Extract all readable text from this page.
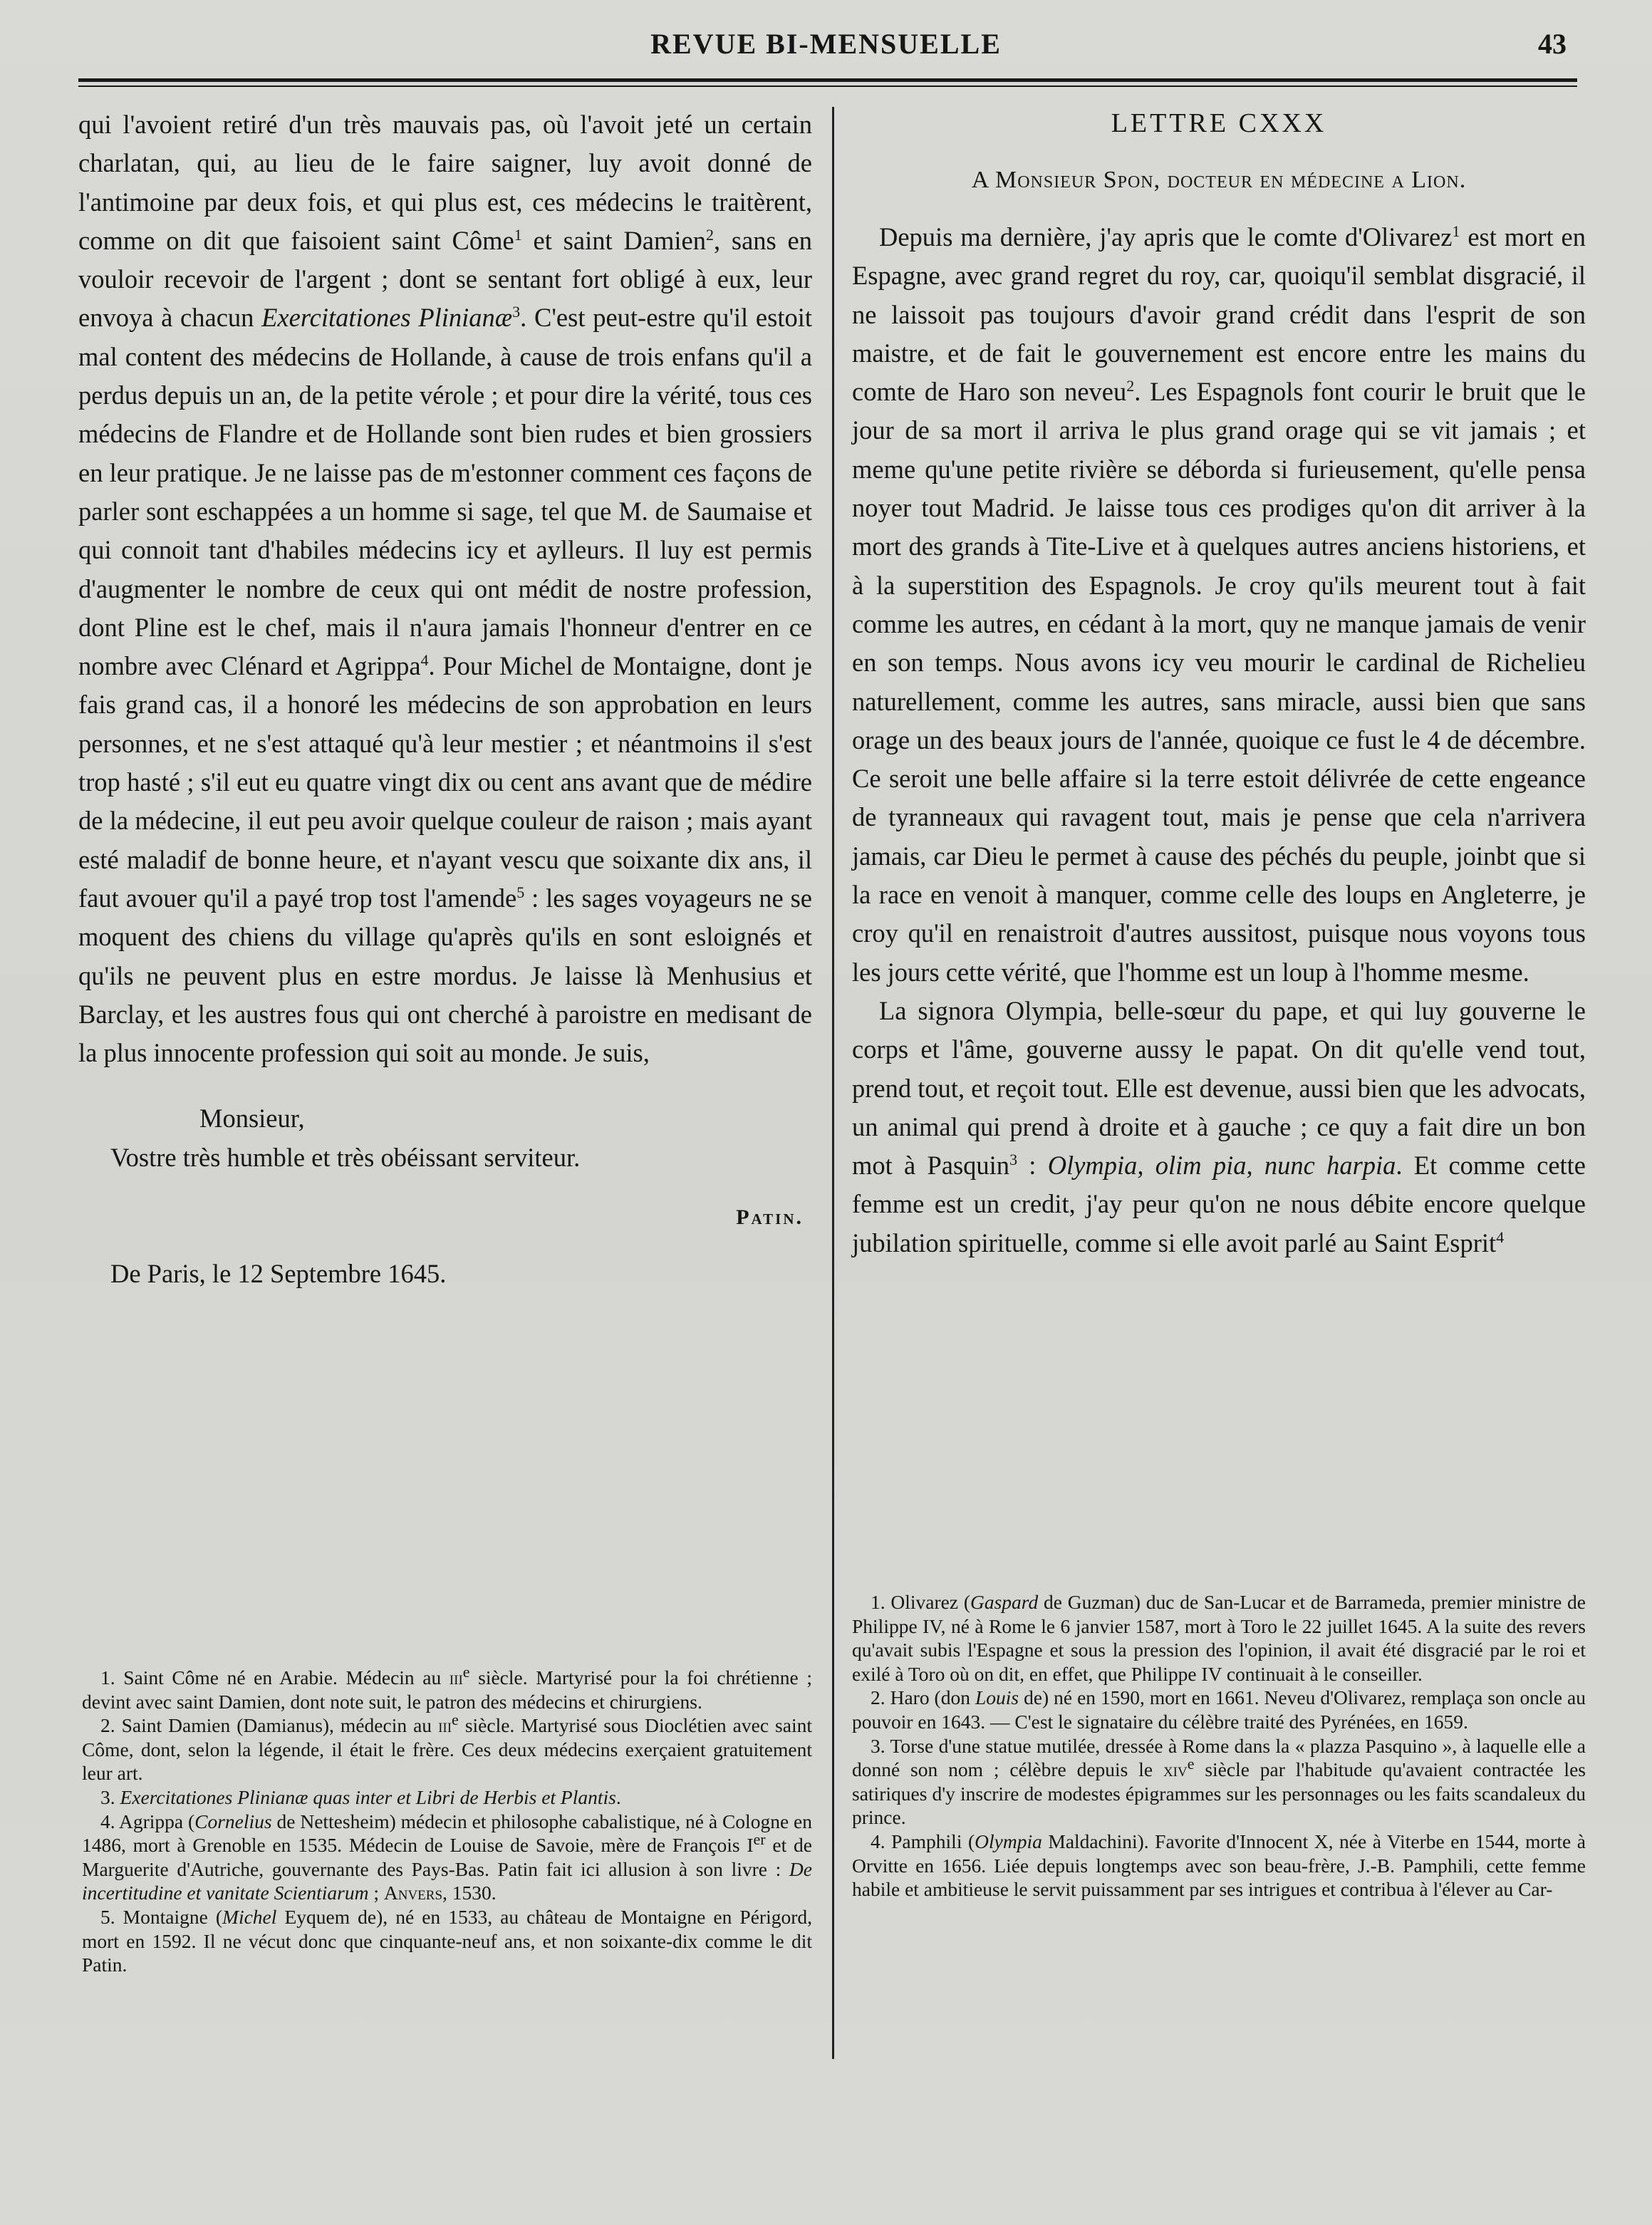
REVUE BI-MENSUELLE	43

qui l'avoient retiré d'un très mauvais pas, où l'avoit jeté un certain charlatan, qui, au lieu de le faire saigner, luy avoit donné de l'antimoine par deux fois, et qui plus est, ces médecins le traitèrent, comme on dit que faisoient saint Côme$^1$ et saint Damien$^2$, sans en vouloir recevoir de l'argent ; dont se sentant fort obligé à eux, leur envoya à chacun Exercitationes Plinianæ$^3$. C'est peut-estre qu'il estoit mal content des médecins de Hollande, à cause de trois enfans qu'il a perdus depuis un an, de la petite vérole ; et pour dire la vérité, tous ces médecins de Flandre et de Hollande sont bien rudes et bien grossiers en leur pratique. Je ne laisse pas de m'estonner comment ces façons de parler sont eschappées a un homme si sage, tel que M. de Saumaise et qui connoit tant d'habiles médecins icy et aylleurs. Il luy est permis d'augmenter le nombre de ceux qui ont médit de nostre profession, dont Pline est le chef, mais il n'aura jamais l'honneur d'entrer en ce nombre avec Clénard et Agrippa$^4$. Pour Michel de Montaigne, dont je fais grand cas, il a honoré les médecins de son approbation en leurs personnes, et ne s'est attaqué qu'à leur mestier ; et néantmoins il s'est trop hasté ; s'il eut eu quatre vingt dix ou cent ans avant que de médire de la médecine, il eut peu avoir quelque couleur de raison ; mais ayant esté maladif de bonne heure, et n'ayant vescu que soixante dix ans, il faut avouer qu'il a payé trop tost l'amende$^5$ : les sages voyageurs ne se moquent des chiens du village qu'après qu'ils en sont esloignés et qu'ils ne peuvent plus en estre mordus. Je laisse là Menhusius et Barclay, et les austres fous qui ont cherché à paroistre en medisant de la plus innocente profession qui soit au monde. Je suis,

Monsieur,
Vostre très humble et très obéissant serviteur.
Patin.
De Paris, le 12 Septembre 1645.
LETTRE CXXX
A Monsieur Spon, docteur en médecine a Lion.

Depuis ma dernière, j'ay apris que le comte d'Olivarez$^1$ est mort en Espagne, avec grand regret du roy, car, quoiqu'il semblat disgracié, il ne laissoit pas toujours d'avoir grand crédit dans l'esprit de son maistre, et de fait le gouvernement est encore entre les mains du comte de Haro son neveu$^2$. Les Espagnols font courir le bruit que le jour de sa mort il arriva le plus grand orage qui se vit jamais ; et meme qu'une petite rivière se déborda si furieusement, qu'elle pensa noyer tout Madrid. Je laisse tous ces prodiges qu'on dit arriver à la mort des grands à Tite-Live et à quelques autres anciens historiens, et à la superstition des Espagnols. Je croy qu'ils meurent tout à fait comme les autres, en cédant à la mort, quy ne manque jamais de venir en son temps. Nous avons icy veu mourir le cardinal de Richelieu naturellement, comme les autres, sans miracle, aussi bien que sans orage un des beaux jours de l'année, quoique ce fust le 4 de décembre. Ce seroit une belle affaire si la terre estoit délivrée de cette engeance de tyranneaux qui ravagent tout, mais je pense que cela n'arrivera jamais, car Dieu le permet à cause des péchés du peuple, joinbt que si la race en venoit à manquer, comme celle des loups en Angleterre, je croy qu'il en renaistroit d'autres aussitost, puisque nous voyons tous les jours cette vérité, que l'homme est un loup à l'homme mesme.

La signora Olympia, belle-sœur du pape, et qui luy gouverne le corps et l'âme, gouverne aussy le papat. On dit qu'elle vend tout, prend tout, et reçoit tout. Elle est devenue, aussi bien que les advocats, un animal qui prend à droite et à gauche ; ce quy a fait dire un bon mot à Pasquin$^3$ : Olympia, olim pia, nunc harpia. Et comme cette femme est un credit, j'ay peur qu'on ne nous débite encore quelque jubilation spirituelle, comme si elle avoit parlé au Saint Esprit$^4$

1. Saint Côme né en Arabie. Médecin au iii$^e$ siècle. Martyrisé pour la foi chrétienne ; devint avec saint Damien, dont note suit, le patron des médecins et chirurgiens.

2. Saint Damien (Damianus), médecin au iii$^e$ siècle. Martyrisé sous Dioclétien avec saint Côme, dont, selon la légende, il était le frère. Ces deux médecins exerçaient gratuitement leur art.

3. Exercitationes Plinianæ quas inter et Libri de Herbis et Plantis.

4. Agrippa (Cornelius de Nettesheim) médecin et philosophe cabalistique, né à Cologne en 1486, mort à Grenoble en 1535. Médecin de Louise de Savoie, mère de François Ier et de Marguerite d'Autriche, gouvernante des Pays-Bas. Patin fait ici allusion à son livre : De incertitudine et vanitate Scientiarum ; Anvers, 1530.

5. Montaigne (Michel Eyquem de), né en 1533, au château de Montaigne en Périgord, mort en 1592. Il ne vécut donc que cinquante-neuf ans, et non soixante-dix comme le dit Patin.

1. Olivarez (Gaspard de Guzman) duc de San-Lucar et de Barrameda, premier ministre de Philippe IV, né à Rome le 6 janvier 1587, mort à Toro le 22 juillet 1645. A la suite des revers qu'avait subis l'Espagne et sous la pression des l'opinion, il avait été disgracié par le roi et exilé à Toro où on dit, en effet, que Philippe IV continuait à le conseiller.

2. Haro (don Louis de) né en 1590, mort en 1661. Neveu d'Olivarez, remplaça son oncle au pouvoir en 1643. — C'est le signataire du célèbre traité des Pyrénées, en 1659.

3. Torse d'une statue mutilée, dressée à Rome dans la « plazza Pasquino », à laquelle elle a donné son nom ; célèbre depuis le xiv$^e$ siècle par l'habitude qu'avaient contractée les satiriques d'y inscrire de modestes épigrammes sur les personnages ou les faits scandaleux du prince.

4. Pamphili (Olympia Maldachini). Favorite d'Innocent X, née à Viterbe en 1544, morte à Orvitte en 1656. Liée depuis longtemps avec son beau-frère, J.-B. Pamphili, cette femme habile et ambitieuse le servit puissamment par ses intrigues et contribua à l'élever au Car-
